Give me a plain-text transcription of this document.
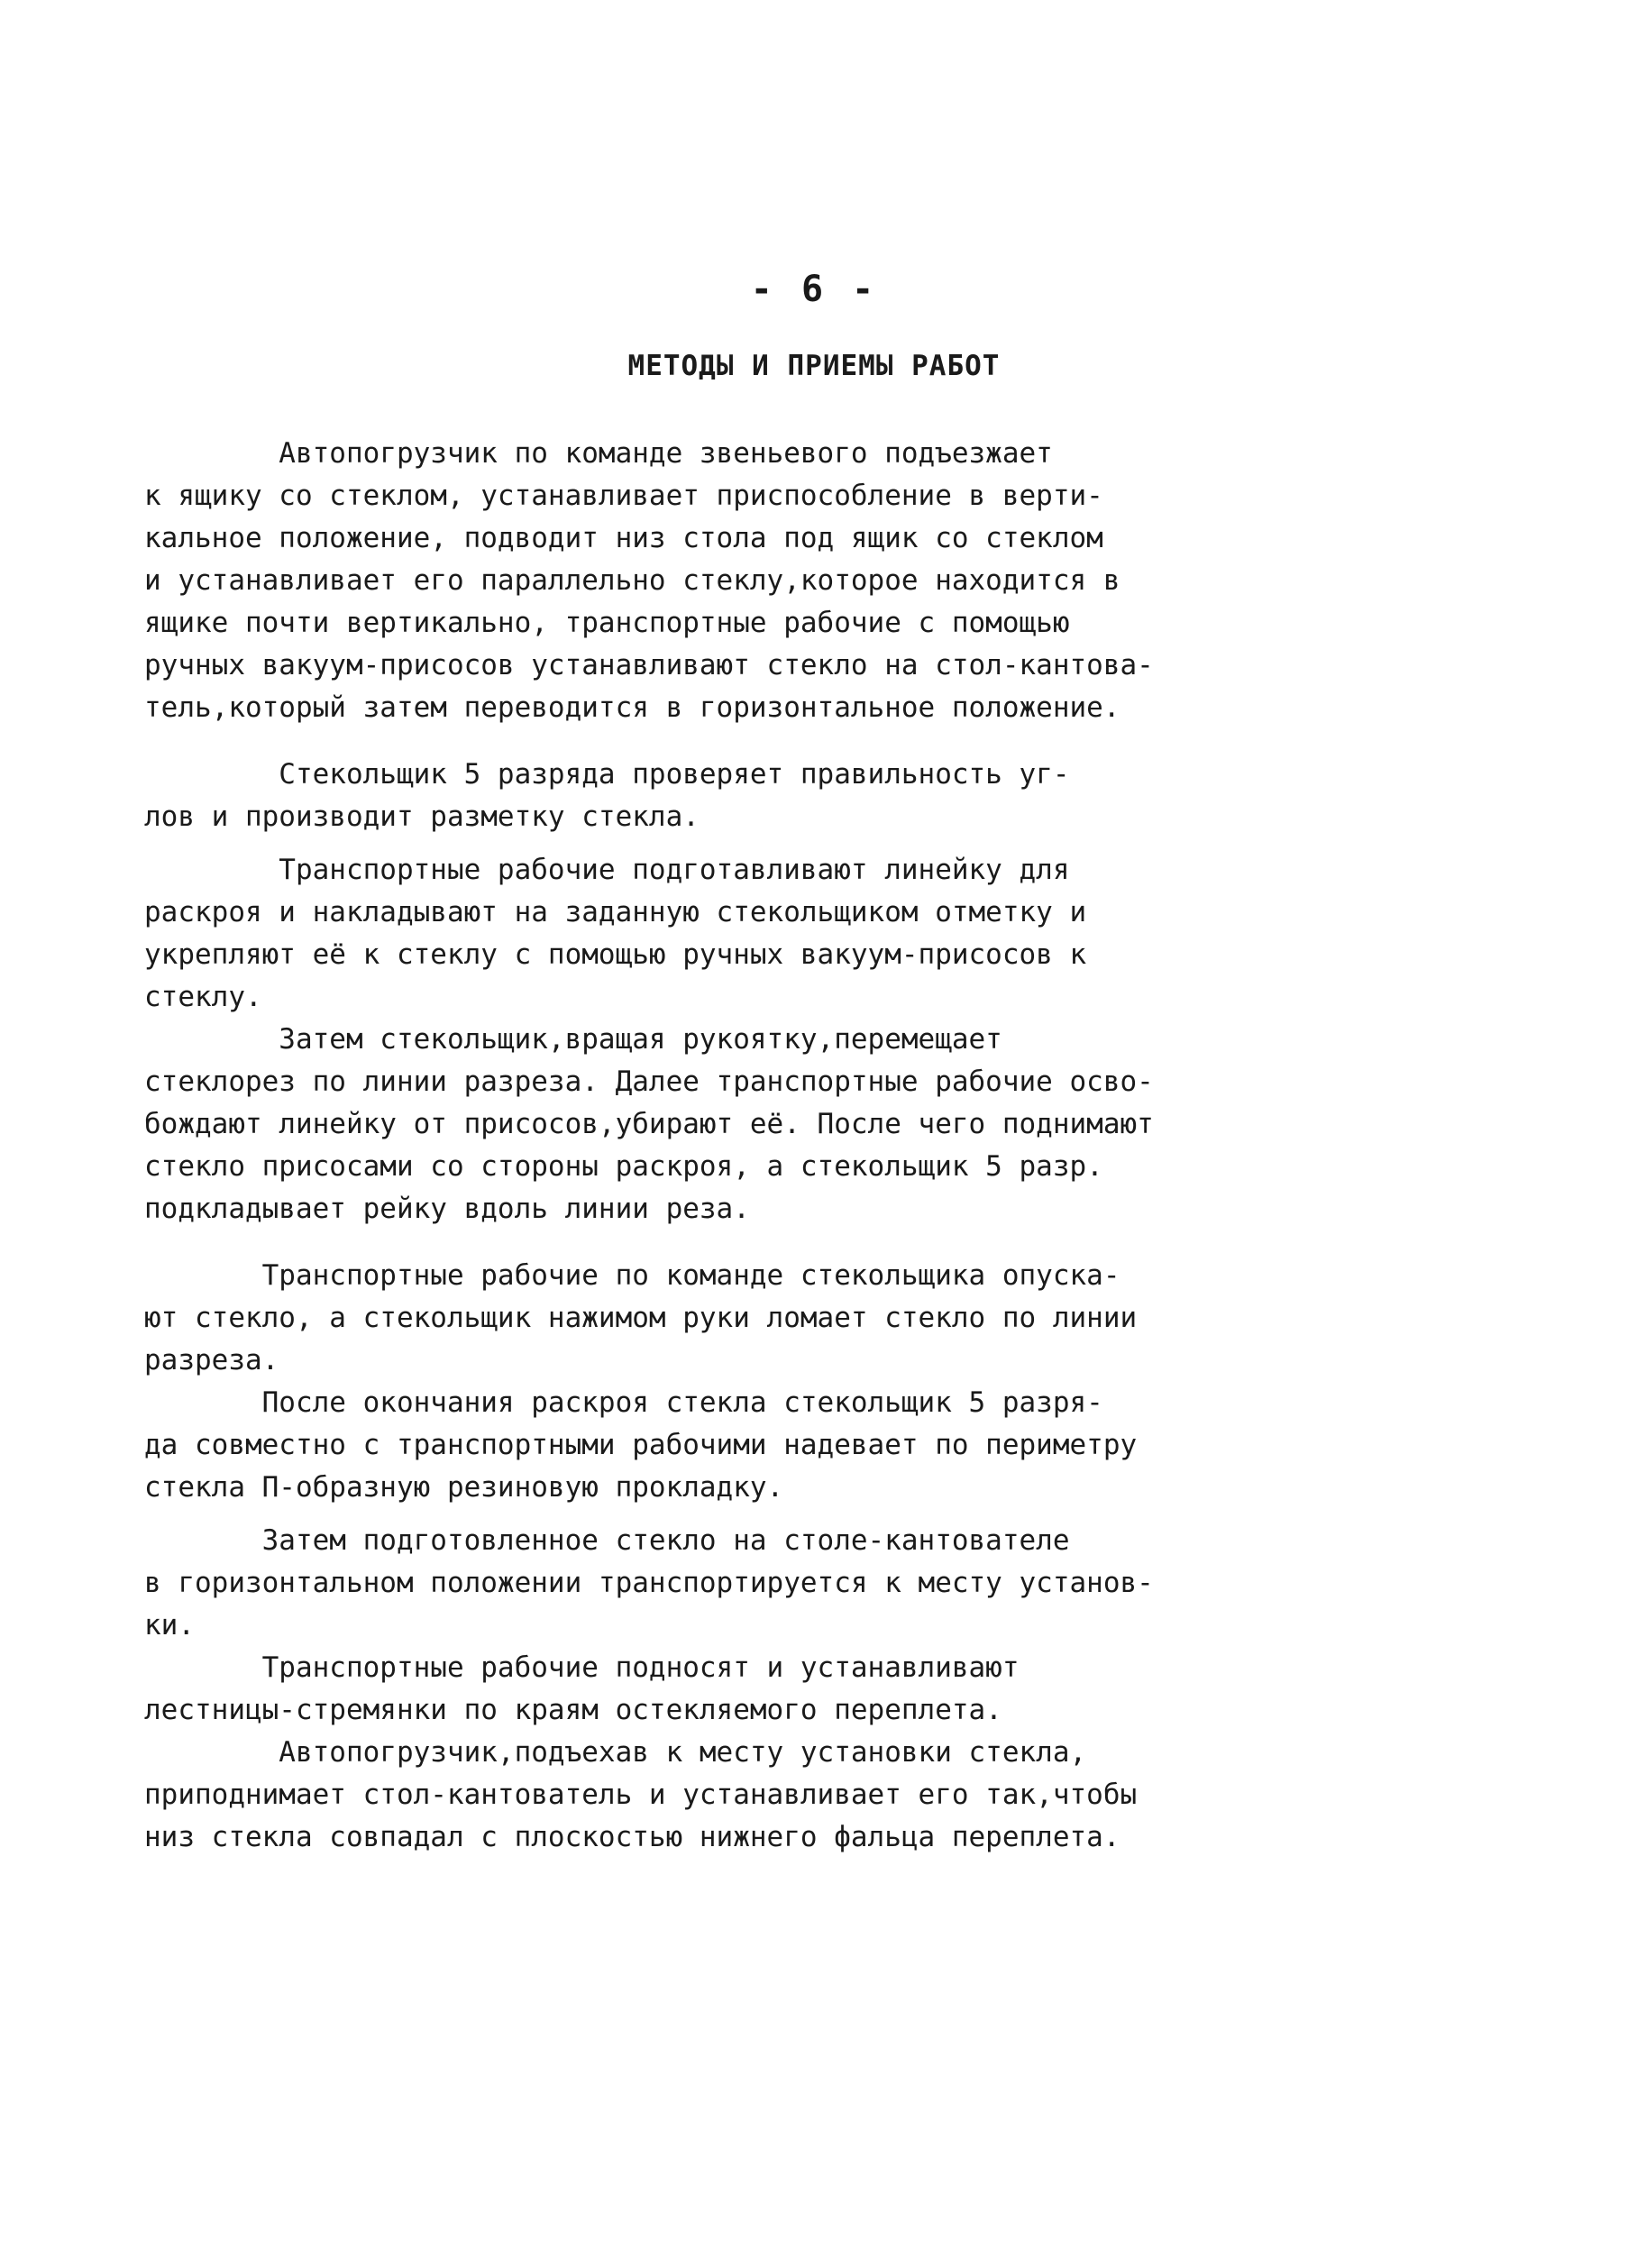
- 6 -
МЕТОДЫ И ПРИЕМЫ РАБОТ
Автопогрузчик по команде звеньевого подъезжает
к ящику со стеклом, устанавливает приспособление в верти-
кальное положение, подводит низ стола под ящик со стеклом
и устанавливает его параллельно стеклу,которое находится в
ящике почти вертикально, транспортные рабочие с помощью
ручных вакуум-присосов устанавливают стекло на стол-кантова-
тель,который затем переводится в горизонтальное положение.
Стекольщик 5 разряда проверяет правильность уг-
лов и производит разметку стекла.
Транспортные рабочие подготавливают линейку для
раскроя и накладывают на заданную стекольщиком отметку и
укрепляют её к стеклу с помощью ручных вакуум-присосов к
стеклу.
Затем стекольщик,вращая рукоятку,перемещает
стеклорез по линии разреза. Далее транспортные рабочие осво-
бождают линейку от присосов,убирают её. После чего поднимают
стекло присосами со стороны раскроя, а стекольщик 5 разр.
подкладывает рейку вдоль линии реза.
Транспортные рабочие по команде стекольщика опуска-
ют стекло, а стекольщик нажимом руки ломает стекло по линии
разреза.
После окончания раскроя стекла стекольщик 5 разря-
да совместно с транспортными рабочими надевает по периметру
стекла П-образную резиновую прокладку.
Затем подготовленное стекло на столе-кантователе
в горизонтальном положении транспортируется к месту установ-
ки.
Транспортные рабочие подносят и устанавливают
лестницы-стремянки по краям остекляемого переплета.
Автопогрузчик,подъехав к месту установки стекла,
приподнимает стол-кантователь и устанавливает его так,чтобы
низ стекла совпадал с плоскостью нижнего фальца переплета.
